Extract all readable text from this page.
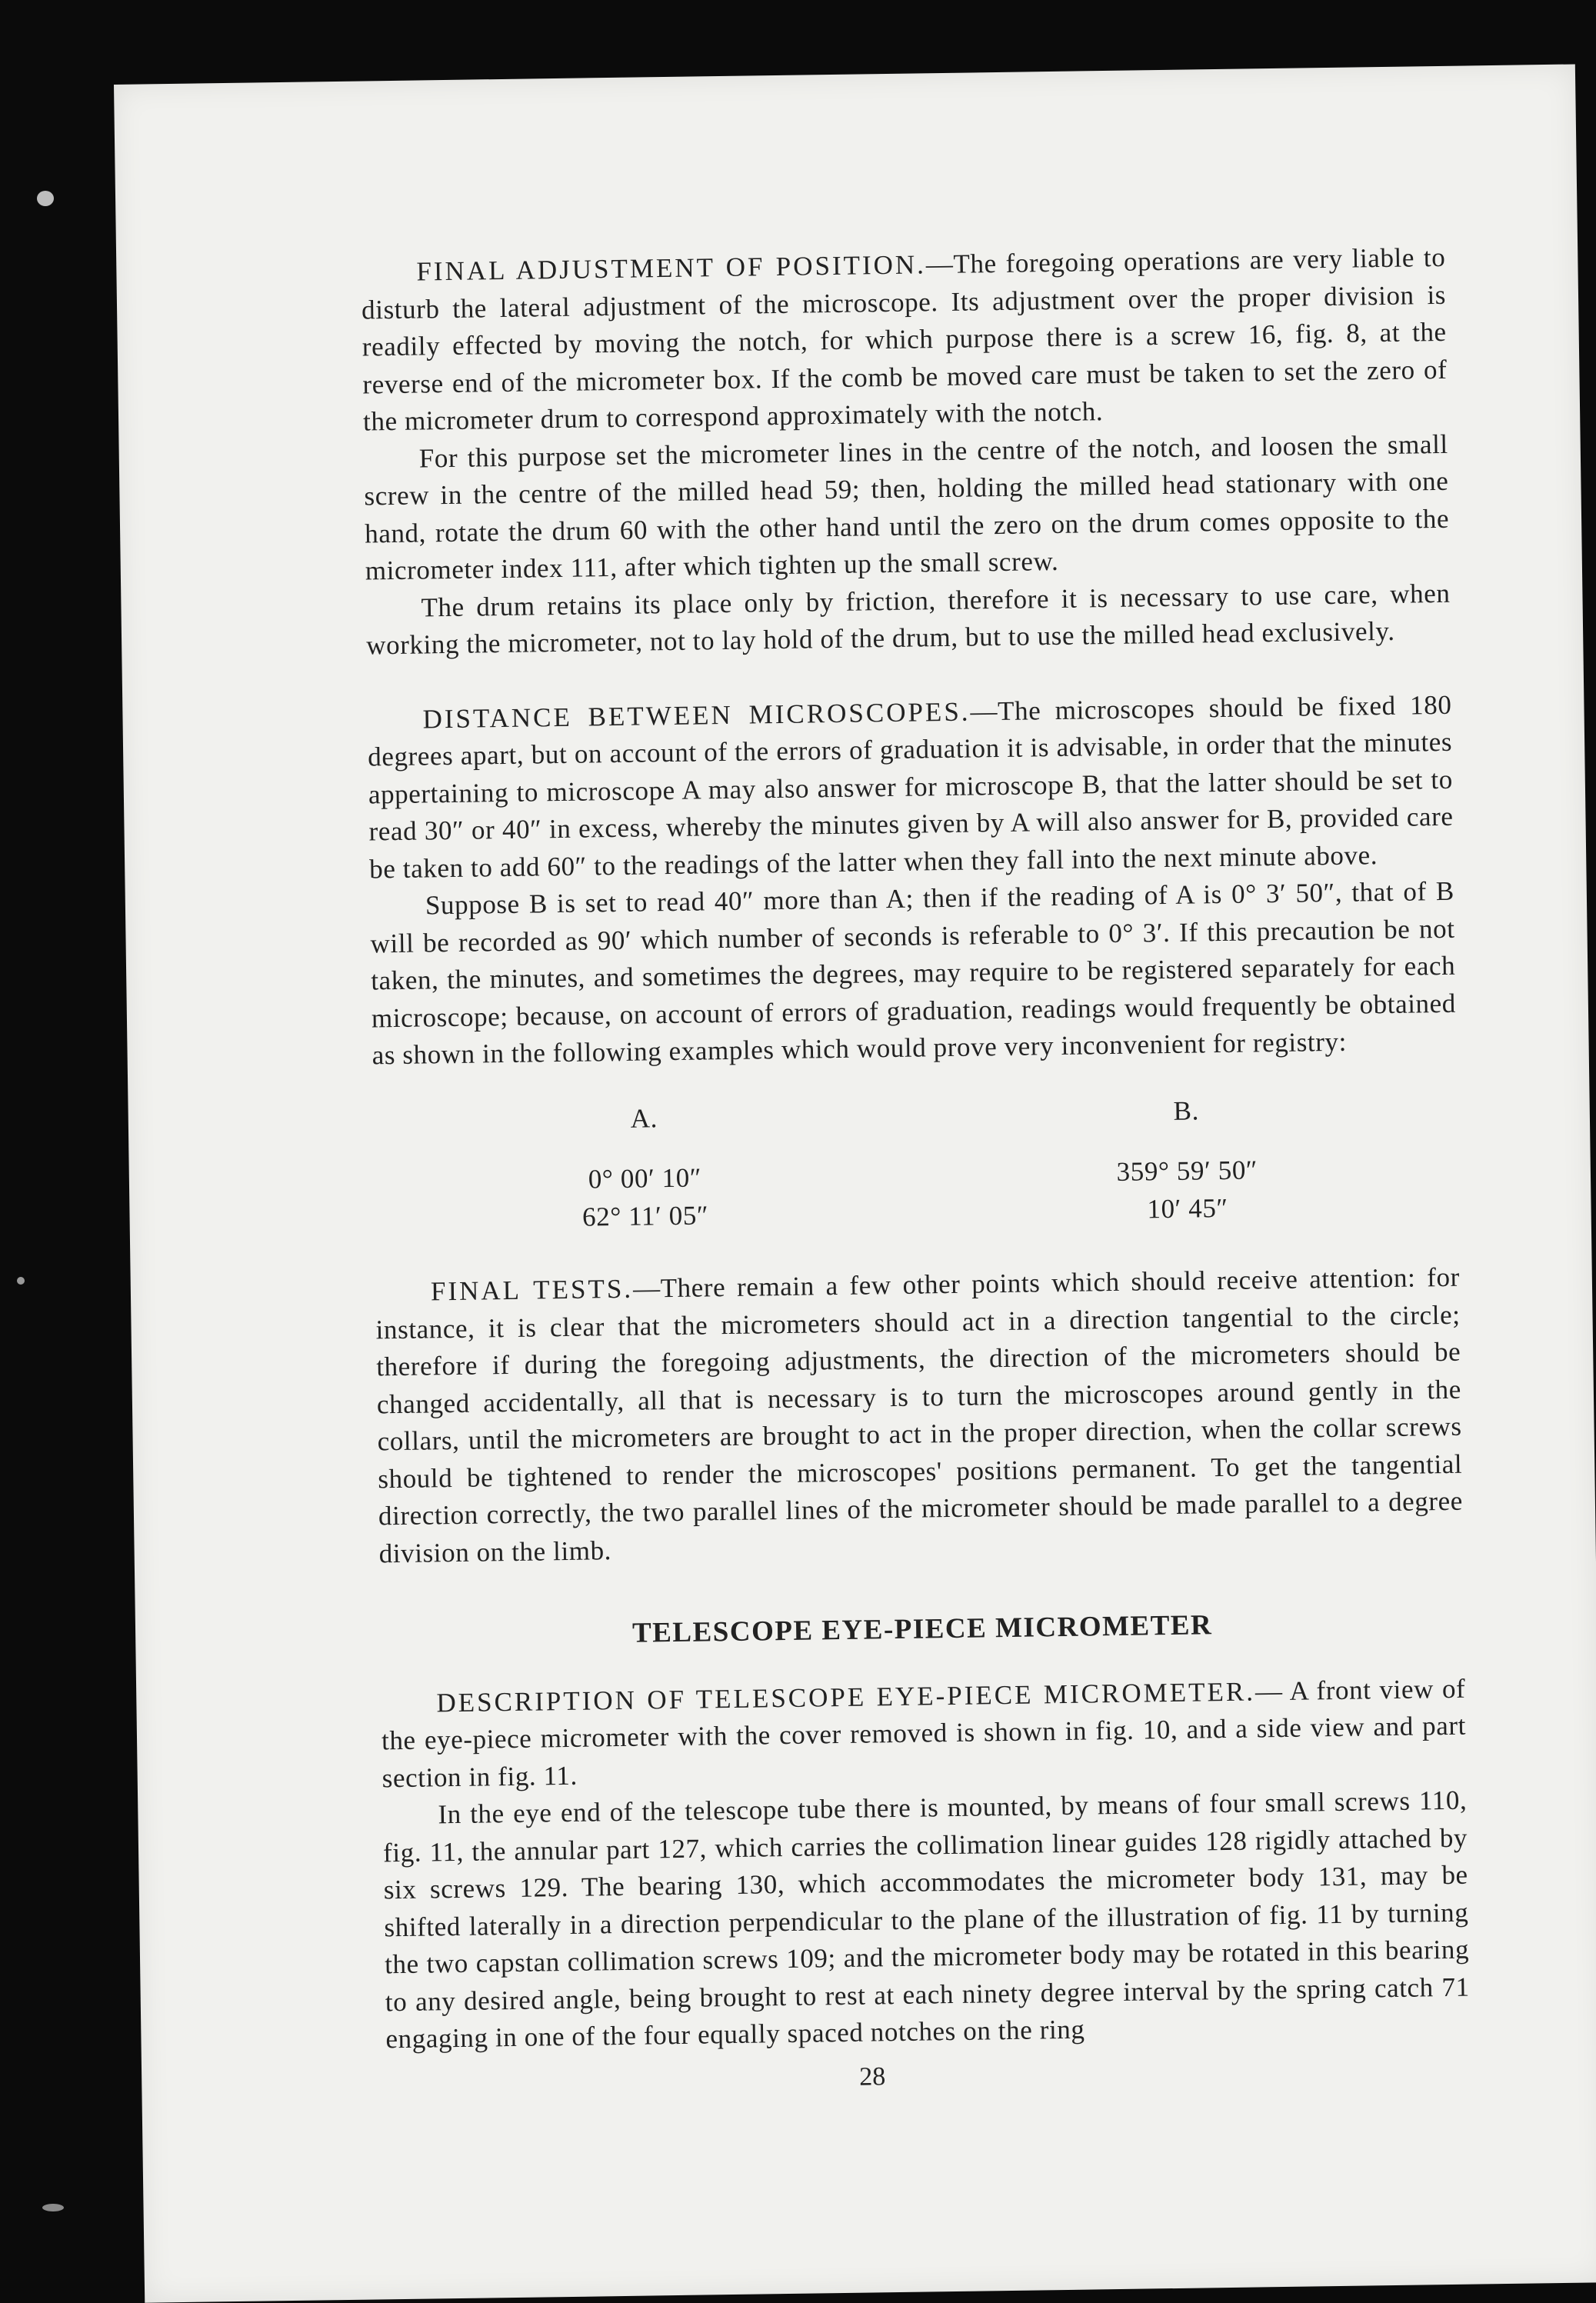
FINAL ADJUSTMENT OF POSITION.—The foregoing operations are very liable to disturb the lateral adjustment of the microscope. Its adjustment over the proper division is readily effected by moving the notch, for which purpose there is a screw 16, fig. 8, at the reverse end of the micrometer box. If the comb be moved care must be taken to set the zero of the micrometer drum to correspond approximately with the notch.

For this purpose set the micrometer lines in the centre of the notch, and loosen the small screw in the centre of the milled head 59; then, holding the milled head stationary with one hand, rotate the drum 60 with the other hand until the zero on the drum comes opposite to the micrometer index 111, after which tighten up the small screw.

The drum retains its place only by friction, therefore it is necessary to use care, when working the micrometer, not to lay hold of the drum, but to use the milled head exclusively.

DISTANCE BETWEEN MICROSCOPES.—The microscopes should be fixed 180 degrees apart, but on account of the errors of graduation it is advisable, in order that the minutes appertaining to microscope A may also answer for microscope B, that the latter should be set to read 30″ or 40″ in excess, whereby the minutes given by A will also answer for B, provided care be taken to add 60″ to the readings of the latter when they fall into the next minute above.

Suppose B is set to read 40″ more than A; then if the reading of A is 0° 3′ 50″, that of B will be recorded as 90′ which number of seconds is referable to 0° 3′. If this precaution be not taken, the minutes, and sometimes the degrees, may require to be registered separately for each microscope; because, on account of errors of graduation, readings would frequently be obtained as shown in the following examples which would prove very inconvenient for registry:

A.	B.
0° 00′ 10″	359° 59′ 50″
62° 11′ 05″	10′ 45″

FINAL TESTS.—There remain a few other points which should receive attention: for instance, it is clear that the micrometers should act in a direction tangential to the circle; therefore if during the foregoing adjustments, the direction of the micrometers should be changed accidentally, all that is necessary is to turn the microscopes around gently in the collars, until the micrometers are brought to act in the proper direction, when the collar screws should be tightened to render the microscopes' positions permanent. To get the tangential direction correctly, the two parallel lines of the micrometer should be made parallel to a degree division on the limb.

TELESCOPE EYE-PIECE MICROMETER

DESCRIPTION OF TELESCOPE EYE-PIECE MICROMETER.— A front view of the eye-piece micrometer with the cover removed is shown in fig. 10, and a side view and part section in fig. 11.

In the eye end of the telescope tube there is mounted, by means of four small screws 110, fig. 11, the annular part 127, which carries the collimation linear guides 128 rigidly attached by six screws 129. The bearing 130, which accommodates the micrometer body 131, may be shifted laterally in a direction perpendicular to the plane of the illustration of fig. 11 by turning the two capstan collimation screws 109; and the micrometer body may be rotated in this bearing to any desired angle, being brought to rest at each ninety degree interval by the spring catch 71 engaging in one of the four equally spaced notches on the ring

28
